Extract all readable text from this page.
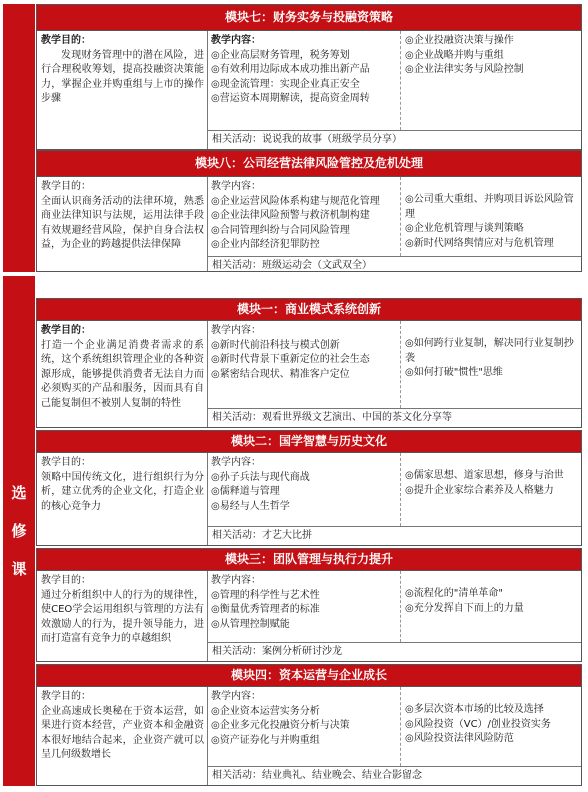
选
修
课
模块七：财务实务与投融资策略
教学目的：
发现财务管理中的潜在风险，进行合理税收筹划，提高投融资决策能力，掌握企业并购重组与上市的操作步骤
教学内容：
◎企业高层财务管理，税务筹划
◎有效利用边际成本成功推出新产品
◎现金流管理：实现企业真正安全
◎营运资本周期解读，提高资金周转
◎企业投融资决策与操作
◎企业战略并购与重组
◎企业法律实务与风险控制
相关活动：说说我的故事（班级学员分享）
模块八：公司经营法律风险管控及危机处理
教学目的：
全面认识商务活动的法律环境，熟悉商业法律知识与法规，运用法律手段有效规避经营风险，保护自身合法权益，为企业的跨越提供法律保障
教学内容：
◎企业运营风险体系构建与规范化管理
◎企业法律风险预警与救济机制构建
◎合同管理纠纷与合同风险管理
◎企业内部经济犯罪防控
◎公司重大重组、并购项目诉讼风险管理
◎企业危机管理与谈判策略
◎新时代网络舆情应对与危机管理
相关活动：班级运动会（文武双全）
模块一：商业模式系统创新
教学目的：
打造一个企业满足消费者需求的系统，这个系统组织管理企业的各种资源形成，能够提供消费者无法自力而必须购买的产品和服务，因而具有自己能复制但不被别人复制的特性
教学内容：
◎新时代前沿科技与模式创新
◎新时代背景下重新定位的社会生态
◎紧密结合现状、精准客户定位
◎如何跨行业复制，解决同行业复制抄袭
◎如何打破"惯性"思维
相关活动：观看世界级文艺演出、中国的茶文化分享等
模块二：国学智慧与历史文化
教学目的：
领略中国传统文化，进行组织行为分析，建立优秀的企业文化，打造企业的核心竞争力
教学内容：
◎孙子兵法与现代商战
◎儒释道与管理
◎易经与人生哲学
◎儒家思想、道家思想，修身与治世
◎提升企业家综合素养及人格魅力
相关活动：才艺大比拼
模块三：团队管理与执行力提升
教学目的：
通过分析组织中人的行为的规律性，使CEO学会运用组织与管理的方法有效激励人的行为，提升领导能力，进而打造富有竞争力的卓越组织
教学内容：
◎管理的科学性与艺术性
◎衡量优秀管理者的标准
◎从管理控制赋能
◎流程化的"清单革命"
◎充分发挥自下而上的力量
相关活动：案例分析研讨沙龙
模块四：资本运营与企业成长
教学目的：
企业高速成长奥秘在于资本运营，如果进行资本经营，产业资本和金融资本很好地结合起来，企业资产就可以呈几何级数增长
教学内容：
◎企业资本运营实务分析
◎企业多元化投融资分析与决策
◎资产证券化与并购重组
◎多层次资本市场的比较及选择
◎风险投资（VC）/创业投资实务
◎风险投资法律风险防范
相关活动：结业典礼、结业晚会、结业合影留念
